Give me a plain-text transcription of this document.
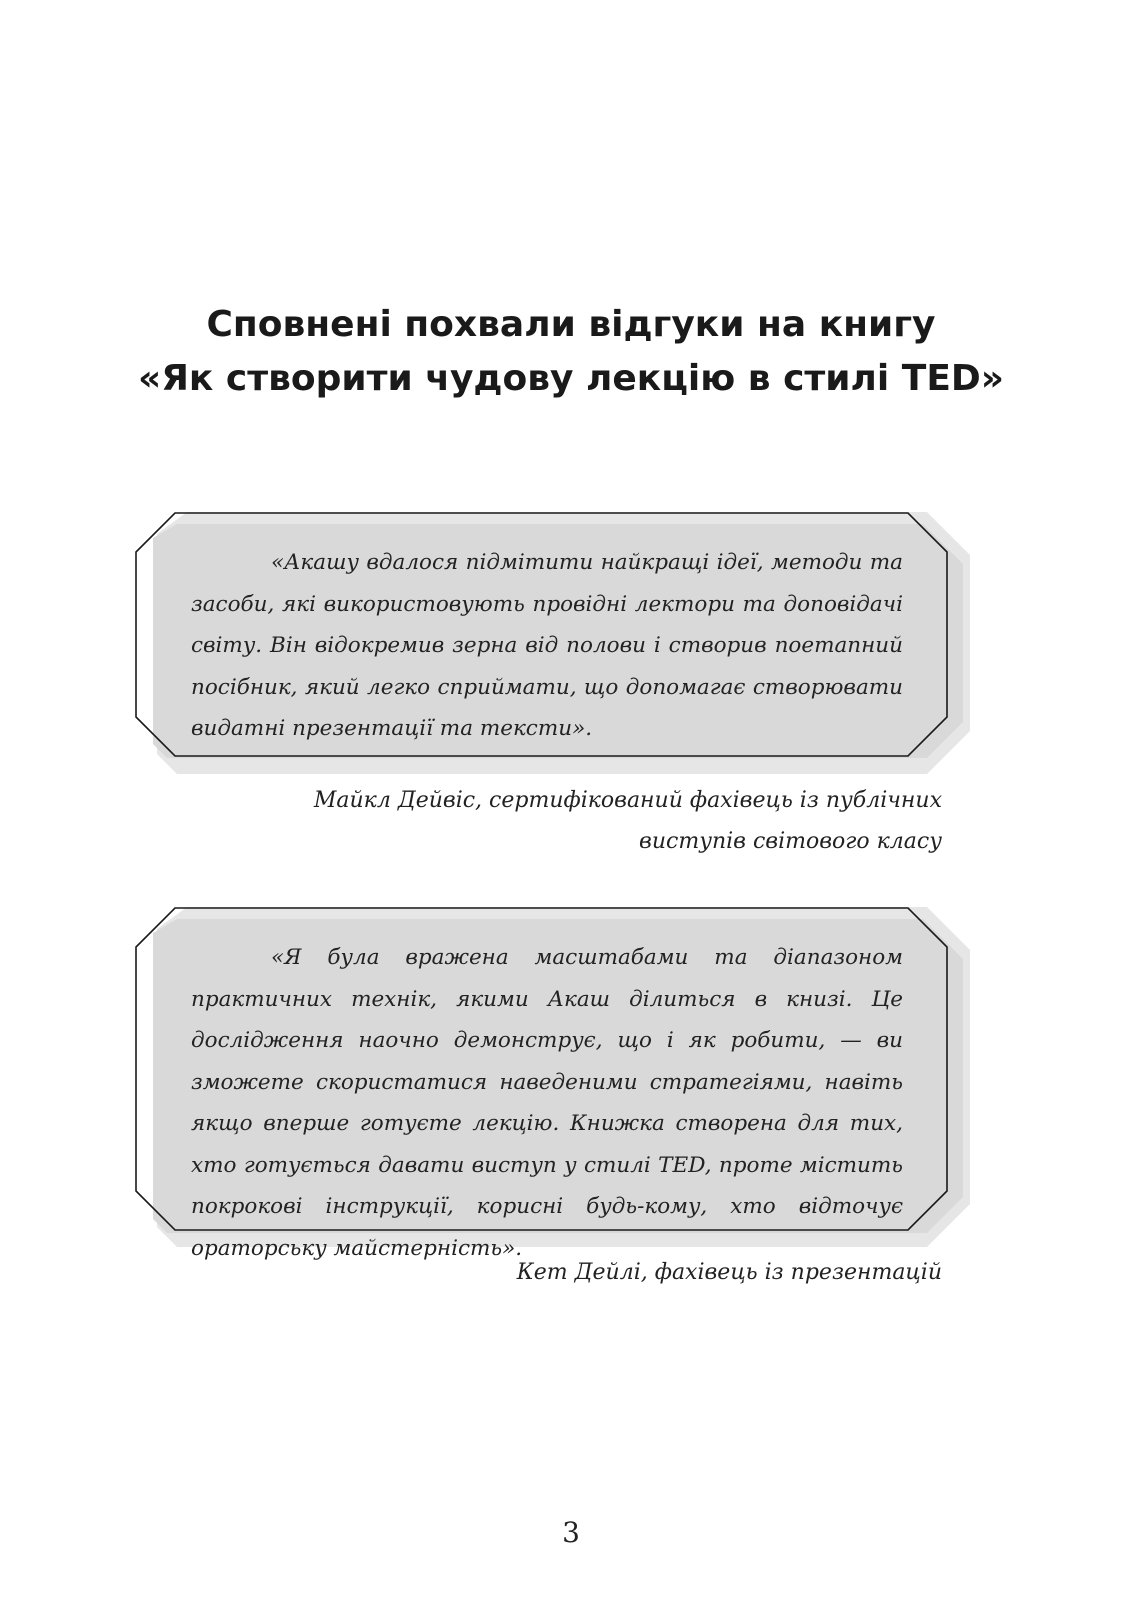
Сповнені похвали відгуки на книгу
«Як створити чудову лекцію в стилі TED»

«Акашу вдалося підмітити найкращі ідеї, методи та засоби, які використовують провідні лектори та доповідачі світу. Він відокремив зерна від полови і створив поетапний посібник, який легко сприймати, що допомагає створювати видатні презентації та тексти».

Майкл Дейвіс, сертифікований фахівець із публічних
виступів світового класу

«Я була вражена масштабами та діапазоном практичних технік, якими Акаш ділиться в книзі. Це дослідження наочно демонструє, що і як робити, — ви зможете скористатися наведеними стратегіями, навіть якщо вперше готуєте лекцію. Книжка створена для тих, хто готується давати виступ у стилі TED, проте містить покрокові інструкції, корисні будь-кому, хто відточує ораторську майстерність».

Кет Дейлі, фахівець із презентацій
3
